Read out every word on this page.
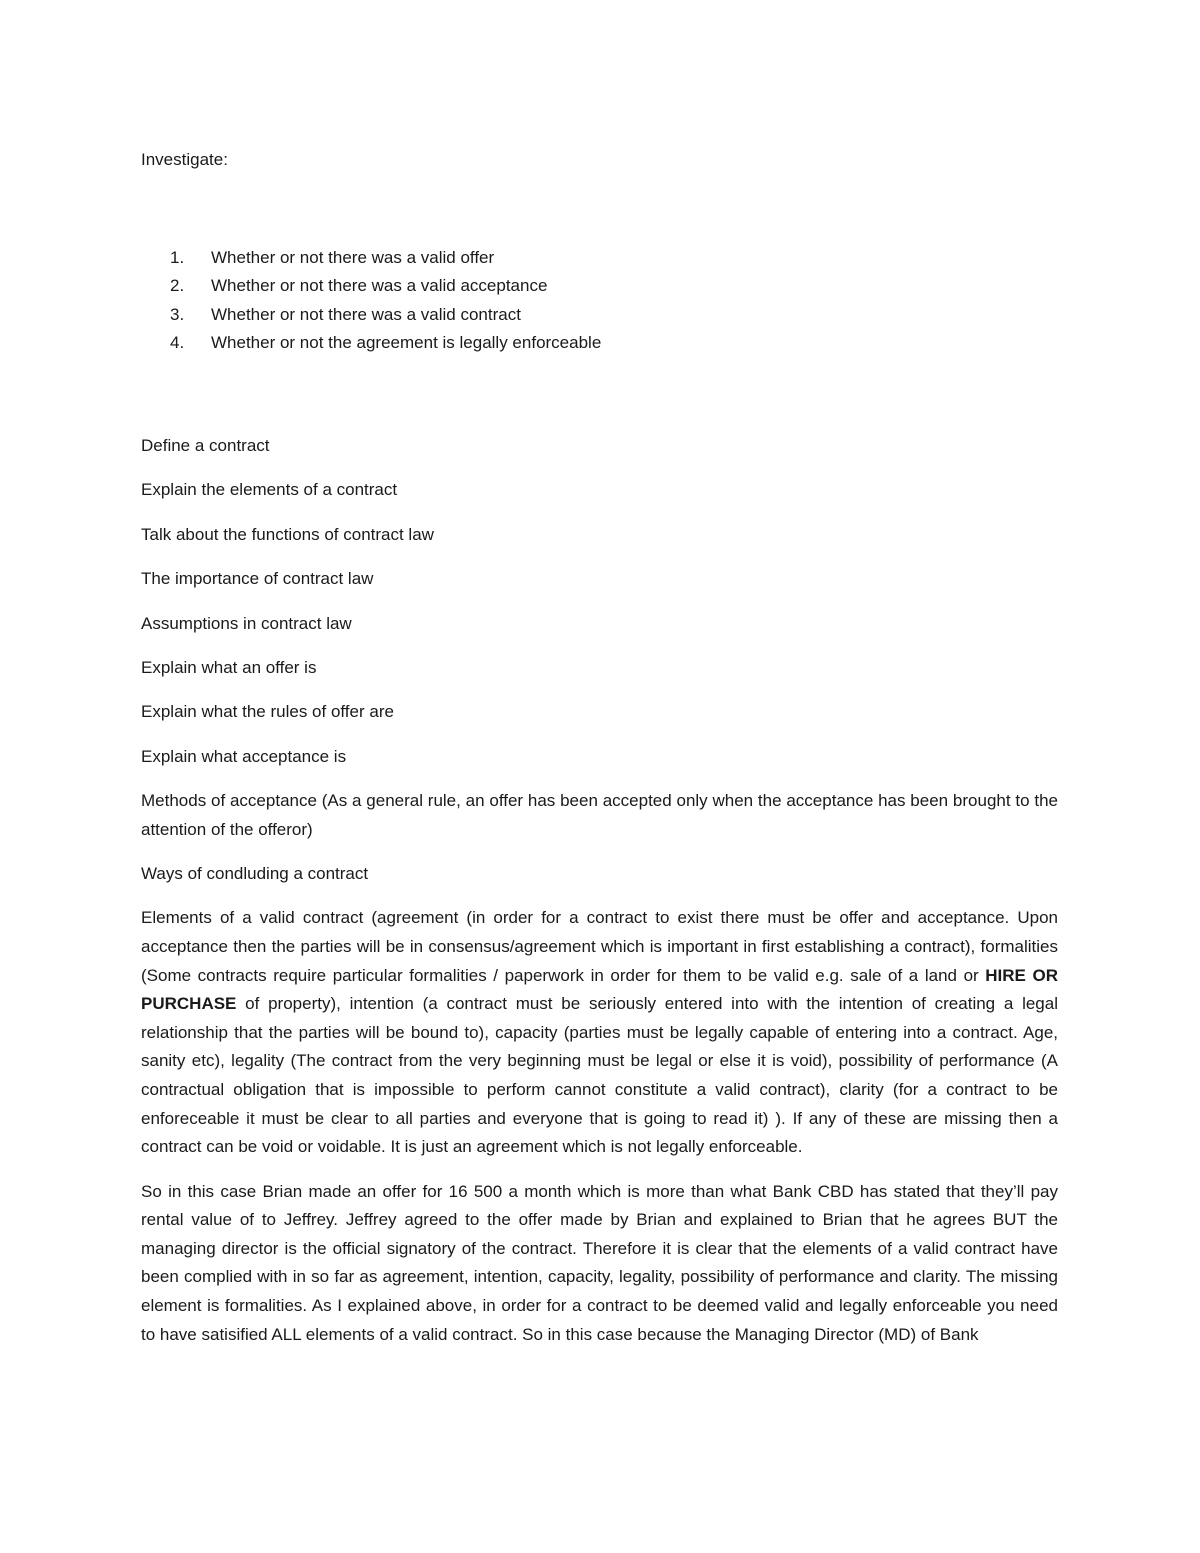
Investigate:

1. Whether or not there was a valid offer
2. Whether or not there was a valid acceptance
3. Whether or not there was a valid contract
4. Whether or not the agreement is legally enforceable

Define a contract

Explain the elements of a contract

Talk about the functions of contract law

The importance of contract law

Assumptions in contract law

Explain what an offer is

Explain what the rules of offer are

Explain what acceptance is

Methods of acceptance (As a general rule, an offer has been accepted only when the acceptance has been brought to the attention of the offeror)

Ways of condluding a contract

Elements of a valid contract (agreement (in order for a contract to exist there must be offer and acceptance. Upon acceptance then the parties will be in consensus/agreement which is important in first establishing a contract), formalities (Some contracts require particular formalities / paperwork in order for them to be valid e.g. sale of a land or HIRE OR PURCHASE of property), intention (a contract must be seriously entered into with the intention of creating a legal relationship that the parties will be bound to), capacity (parties must be legally capable of entering into a contract. Age, sanity etc), legality (The contract from the very beginning must be legal or else it is void), possibility of performance (A contractual obligation that is impossible to perform cannot constitute a valid contract), clarity (for a contract to be enforeceable it must be clear to all parties and everyone that is going to read it) ). If any of these are missing then a contract can be void or voidable. It is just an agreement which is not legally enforceable.

So in this case Brian made an offer for 16 500 a month which is more than what Bank CBD has stated that they’ll pay rental value of to Jeffrey. Jeffrey agreed to the offer made by Brian and explained to Brian that he agrees BUT the managing director is the official signatory of the contract. Therefore it is clear that the elements of a valid contract have been complied with in so far as agreement, intention, capacity, legality, possibility of performance and clarity. The missing element is formalities. As I explained above, in order for a contract to be deemed valid and legally enforceable you need to have satisified ALL elements of a valid contract. So in this case because the Managing Director (MD) of Bank
